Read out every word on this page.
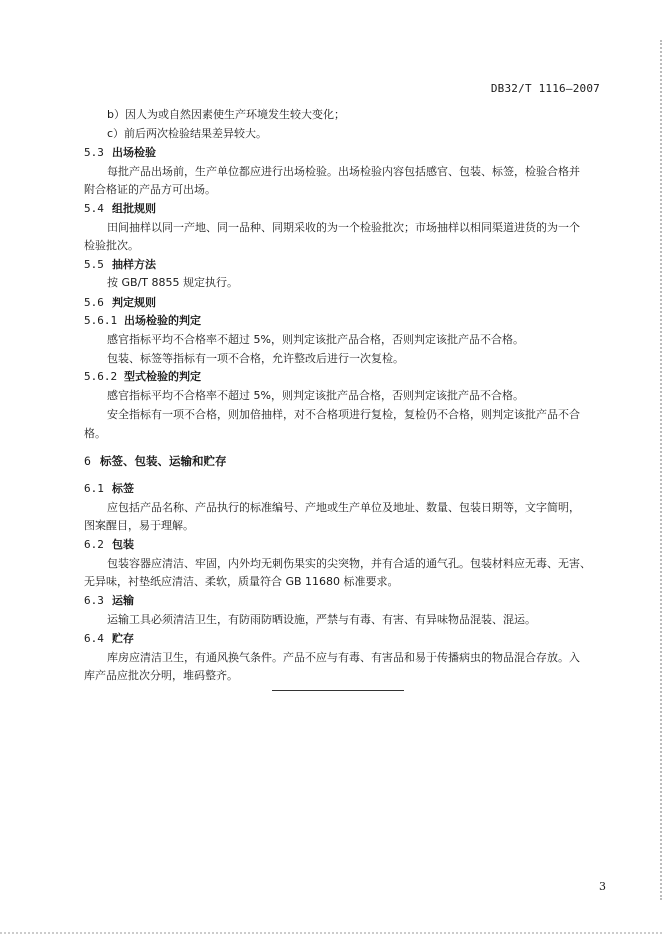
DB32/T 1116—2007
b）因人为或自然因素使生产环境发生较大变化；
c）前后两次检验结果差异较大。
5.3 出场检验
每批产品出场前，生产单位都应进行出场检验。出场检验内容包括感官、包装、标签，检验合格并
附合格证的产品方可出场。
5.4 组批规则
田间抽样以同一产地、同一品种、同期采收的为一个检验批次；市场抽样以相同渠道进货的为一个
检验批次。
5.5 抽样方法
按 GB/T 8855 规定执行。
5.6 判定规则
5.6.1 出场检验的判定
感官指标平均不合格率不超过 5%，则判定该批产品合格，否则判定该批产品不合格。
包装、标签等指标有一项不合格，允许整改后进行一次复检。
5.6.2 型式检验的判定
感官指标平均不合格率不超过 5%，则判定该批产品合格，否则判定该批产品不合格。
安全指标有一项不合格，则加倍抽样，对不合格项进行复检，复检仍不合格，则判定该批产品不合
格。
6 标签、包装、运输和贮存
6.1 标签
应包括产品名称、产品执行的标准编号、产地或生产单位及地址、数量、包装日期等，文字简明，
图案醒目，易于理解。
6.2 包装
包装容器应清洁、牢固，内外均无刺伤果实的尖突物，并有合适的通气孔。包装材料应无毒、无害、
无异味，衬垫纸应清洁、柔软，质量符合 GB 11680 标准要求。
6.3 运输
运输工具必须清洁卫生，有防雨防晒设施，严禁与有毒、有害、有异味物品混装、混运。
6.4 贮存
库房应清洁卫生，有通风换气条件。产品不应与有毒、有害品和易于传播病虫的物品混合存放。入
库产品应批次分明，堆码整齐。
3
